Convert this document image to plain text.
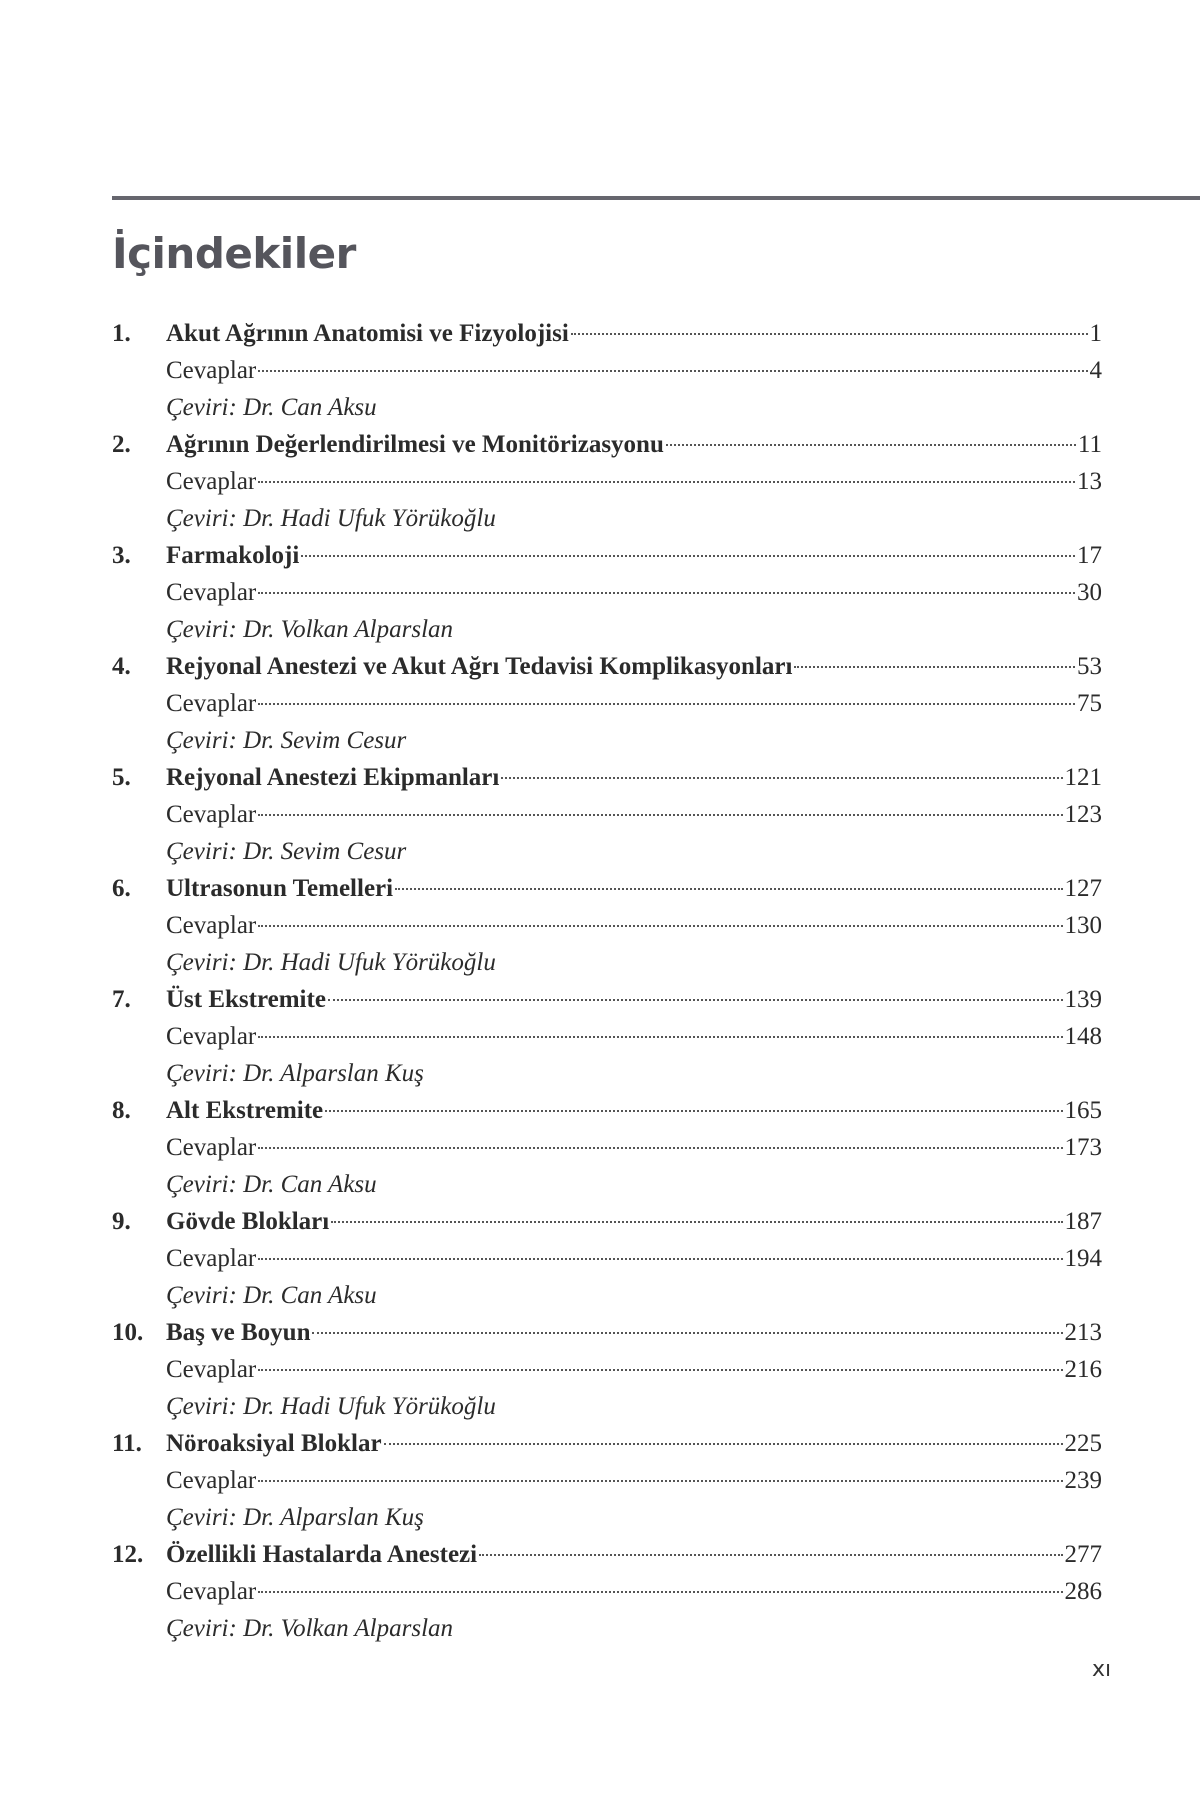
İçindekiler
1. Akut Ağrının Anatomisi ve Fizyolojisi	1
Cevaplar	4
Çeviri: Dr. Can Aksu
2. Ağrının Değerlendirilmesi ve Monitörizasyonu	11
Cevaplar	13
Çeviri: Dr. Hadi Ufuk Yörükoğlu
3. Farmakoloji	17
Cevaplar	30
Çeviri: Dr. Volkan Alparslan
4. Rejyonal Anestezi ve Akut Ağrı Tedavisi Komplikasyonları	53
Cevaplar	75
Çeviri: Dr. Sevim Cesur
5. Rejyonal Anestezi Ekipmanları	121
Cevaplar	123
Çeviri: Dr. Sevim Cesur
6. Ultrasonun Temelleri	127
Cevaplar	130
Çeviri: Dr. Hadi Ufuk Yörükoğlu
7. Üst Ekstremite	139
Cevaplar	148
Çeviri: Dr. Alparslan Kuş
8. Alt Ekstremite	165
Cevaplar	173
Çeviri: Dr. Can Aksu
9. Gövde Blokları	187
Cevaplar	194
Çeviri: Dr. Can Aksu
10. Baş ve Boyun	213
Cevaplar	216
Çeviri: Dr. Hadi Ufuk Yörükoğlu
11. Nöroaksiyal Bloklar	225
Cevaplar	239
Çeviri: Dr. Alparslan Kuş
12. Özellikli Hastalarda Anestezi	277
Cevaplar	286
Çeviri: Dr. Volkan Alparslan
xı
